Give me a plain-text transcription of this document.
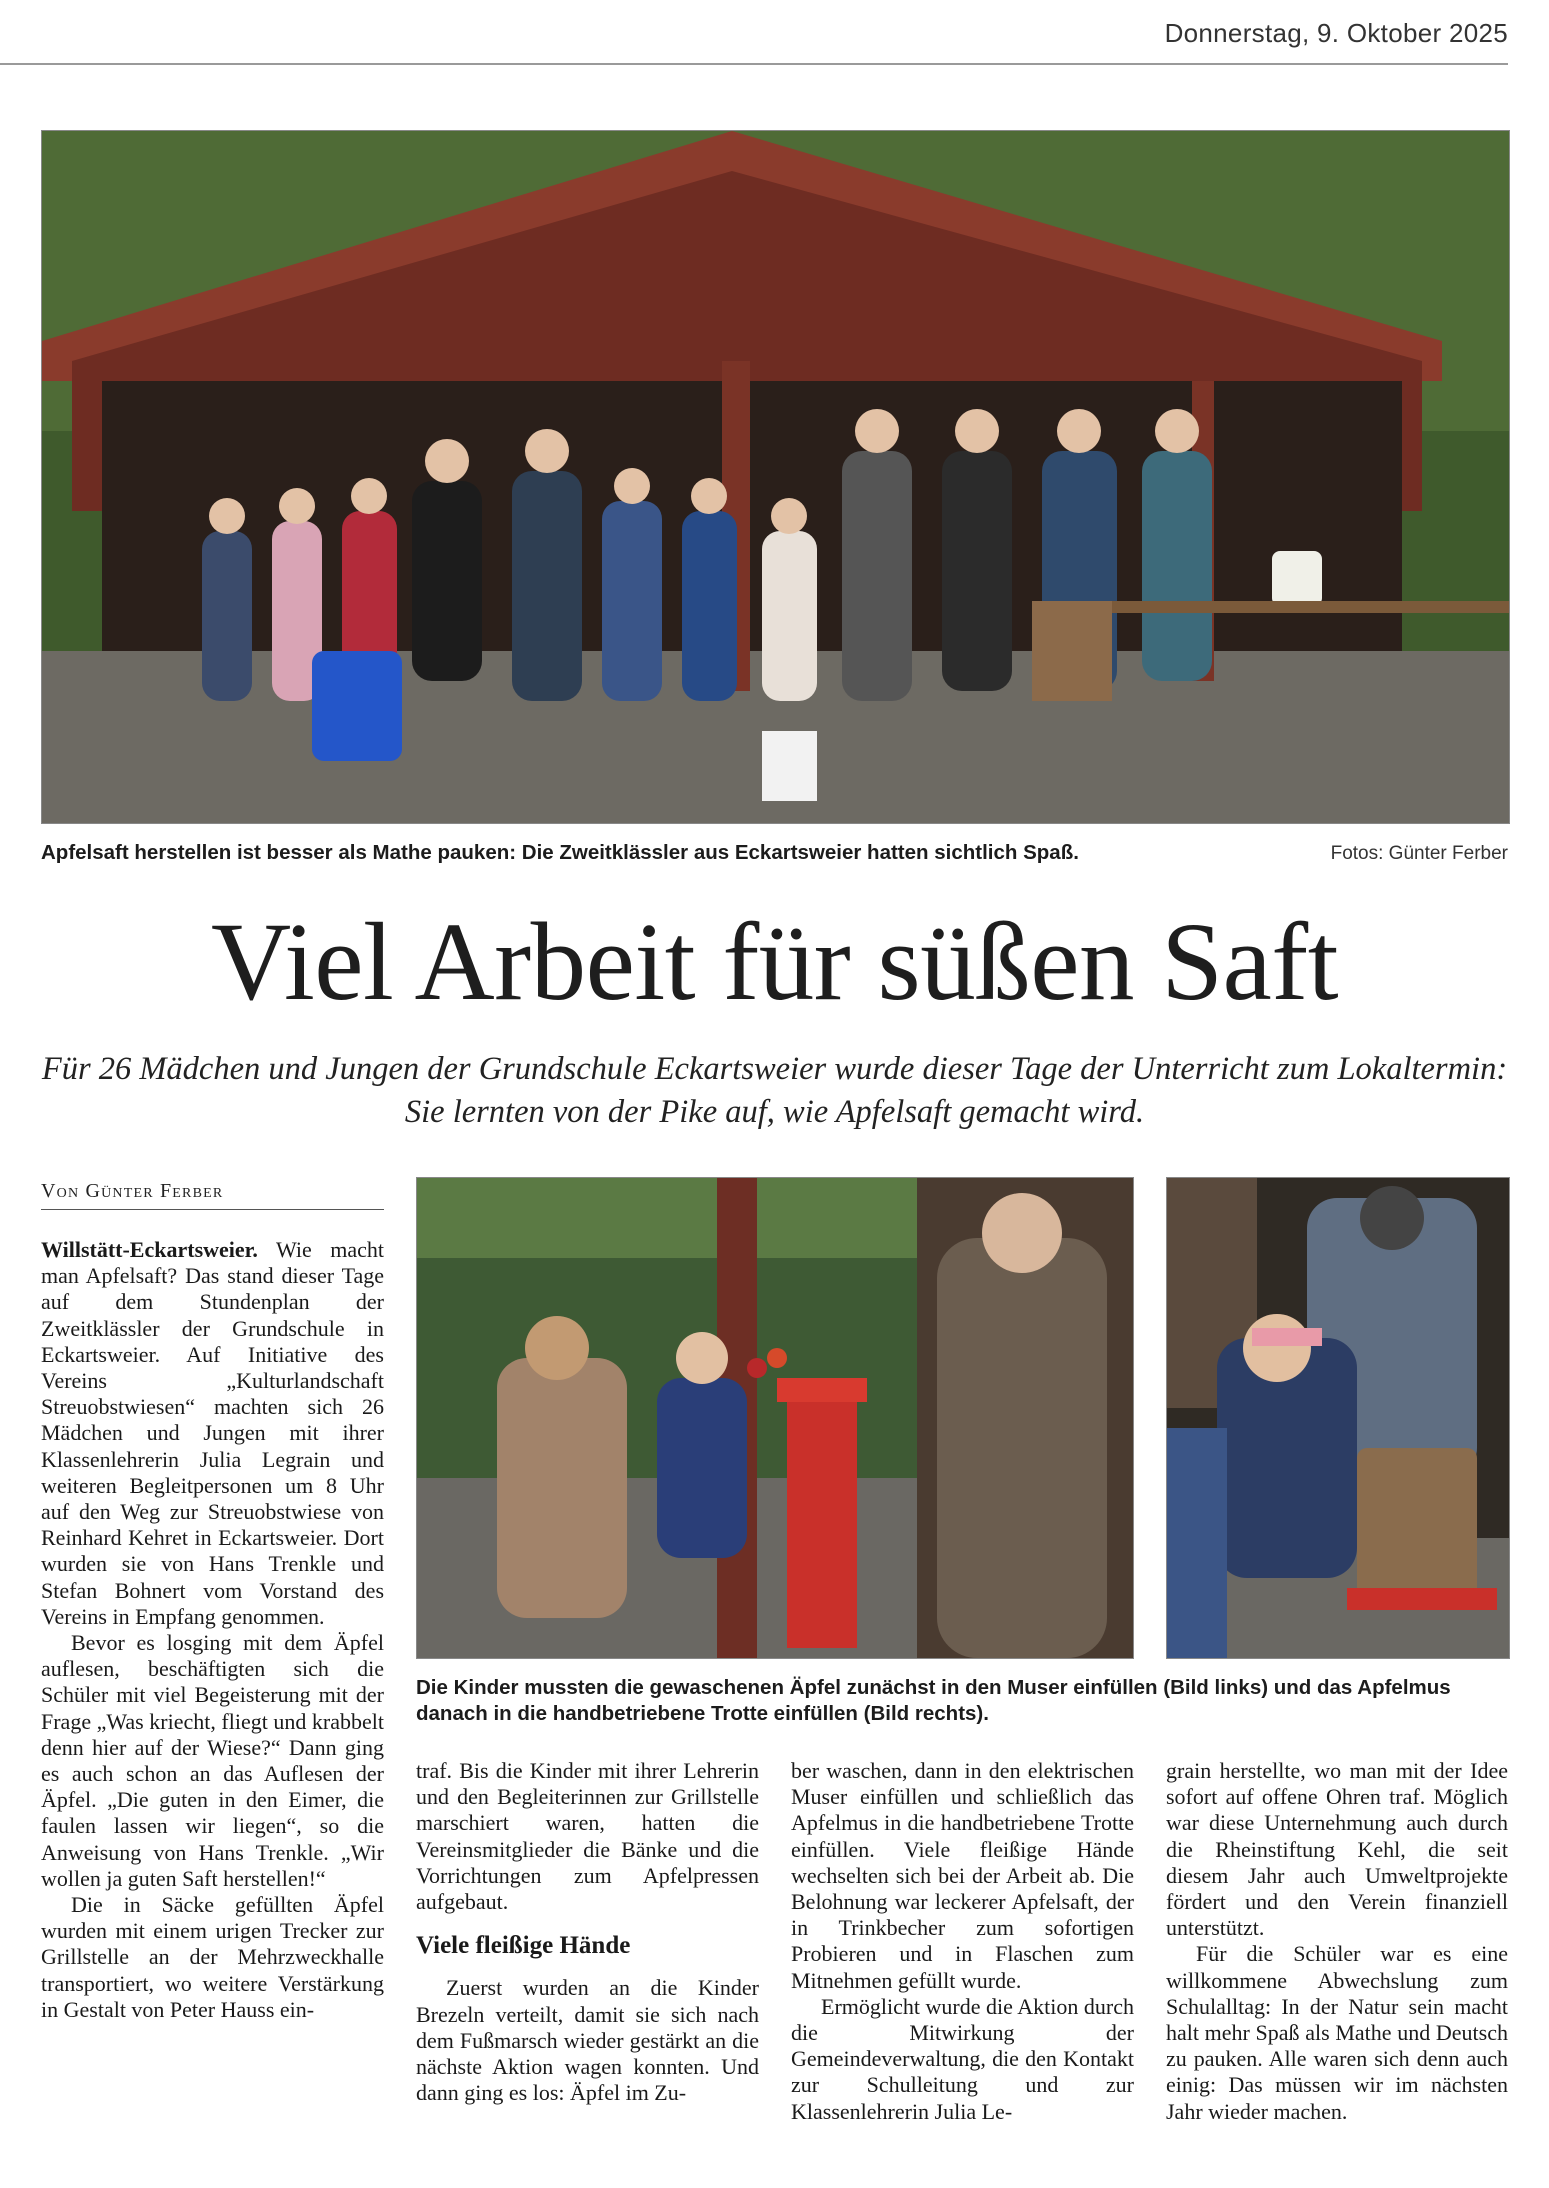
Donnerstag, 9. Oktober 2025
Apfelsaft herstellen ist besser als Mathe pauken: Die Zweitklässler aus Eckartsweier hatten sichtlich Spaß.	Fotos: Günter Ferber
Viel Arbeit für süßen Saft
Für 26 Mädchen und Jungen der Grundschule Eckartsweier wurde dieser Tage der Unterricht zum Lokaltermin: Sie lernten von der Pike auf, wie Apfelsaft gemacht wird.
Von Günter Ferber

Willstätt-Eckartsweier. Wie macht man Apfelsaft? Das stand dieser Tage auf dem Stundenplan der Zweitklässler der Grundschule in Eckartsweier. Auf Initiative des Vereins „Kulturlandschaft Streuobstwiesen“ machten sich 26 Mädchen und Jungen mit ihrer Klassenlehrerin Julia Legrain und weiteren Begleitpersonen um 8 Uhr auf den Weg zur Streuobstwiese von Reinhard Kehret in Eckartsweier. Dort wurden sie von Hans Trenkle und Stefan Bohnert vom Vorstand des Vereins in Empfang genommen.

Bevor es losging mit dem Äpfel auflesen, beschäftigten sich die Schüler mit viel Begeisterung mit der Frage „Was kriecht, fliegt und krabbelt denn hier auf der Wiese?“ Dann ging es auch schon an das Auflesen der Äpfel. „Die guten in den Eimer, die faulen lassen wir liegen“, so die Anweisung von Hans Trenkle. „Wir wollen ja guten Saft herstellen!“

Die in Säcke gefüllten Äpfel wurden mit einem urigen Trecker zur Grillstelle an der Mehrzweckhalle transportiert, wo weitere Verstärkung in Gestalt von Peter Hauss ein-

Die Kinder mussten die gewaschenen Äpfel zunächst in den Muser einfüllen (Bild links) und das Apfelmus danach in die handbetriebene Trotte einfüllen (Bild rechts).

traf. Bis die Kinder mit ihrer Lehrerin und den Begleiterinnen zur Grillstelle marschiert waren, hatten die Vereinsmitglieder die Bänke und die Vorrichtungen zum Apfelpressen aufgebaut.

Viele fleißige Hände

Zuerst wurden an die Kinder Brezeln verteilt, damit sie sich nach dem Fußmarsch wieder gestärkt an die nächste Aktion wagen konnten. Und dann ging es los: Äpfel im Zu-

ber waschen, dann in den elektrischen Muser einfüllen und schließlich das Apfelmus in die handbetriebene Trotte einfüllen. Viele fleißige Hände wechselten sich bei der Arbeit ab. Die Belohnung war leckerer Apfelsaft, der in Trinkbecher zum sofortigen Probieren und in Flaschen zum Mitnehmen gefüllt wurde.

Ermöglicht wurde die Aktion durch die Mitwirkung der Gemeindeverwaltung, die den Kontakt zur Schulleitung und zur Klassenlehrerin Julia Le-

grain herstellte, wo man mit der Idee sofort auf offene Ohren traf. Möglich war diese Unternehmung auch durch die Rheinstiftung Kehl, die seit diesem Jahr auch Umweltprojekte fördert und den Verein finanziell unterstützt.

Für die Schüler war es eine willkommene Abwechslung zum Schulalltag: In der Natur sein macht halt mehr Spaß als Mathe und Deutsch zu pauken. Alle waren sich denn auch einig: Das müssen wir im nächsten Jahr wieder machen.
